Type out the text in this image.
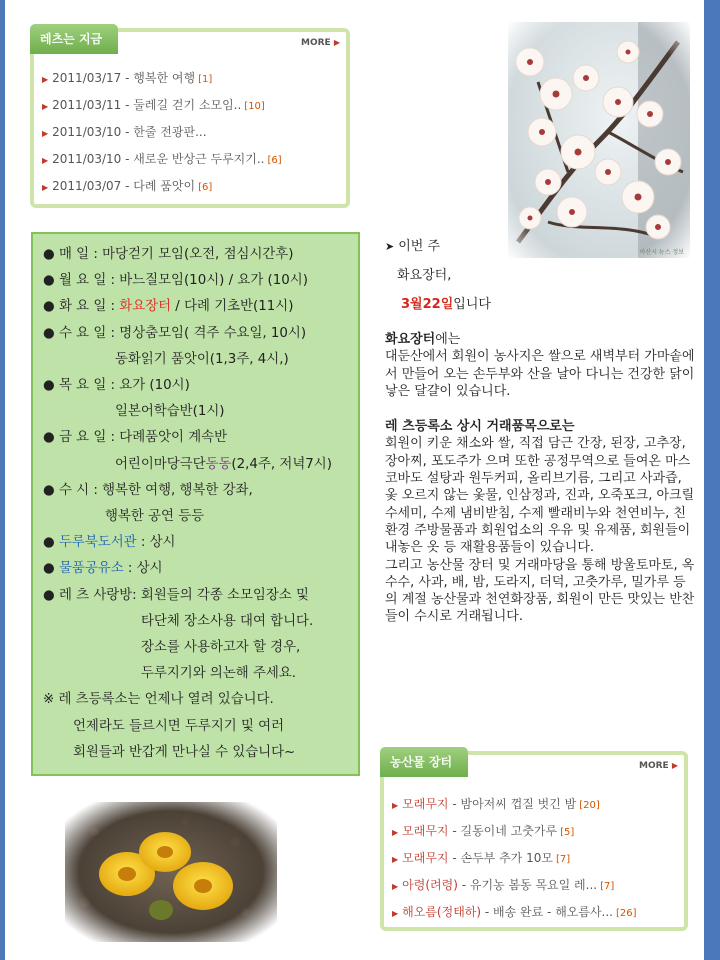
레츠는 지금	MORE ▶
▶ 2011/03/17 - 행복한 여행 [1]
▶ 2011/03/11 - 둘레길 걷기 소모임.. [10]
▶ 2011/03/10 - 한줄 전광판...
▶ 2011/03/10 - 새로운 반상근 두루지기.. [6]
▶ 2011/03/07 - 다례 품앗이 [6]
● 매 일 : 마당걷기 모임(오전, 점심시간후)
● 월 요 일 : 바느질모임(10시) / 요가 (10시)
● 화 요 일 : 화요장터 / 다례 기초반(11시)
● 수 요 일 : 명상춤모임( 격주 수요일, 10시)
동화읽기 품앗이(1,3주, 4시,)
● 목 요 일 : 요가 (10시)
일본어학습반(1시)
● 금 요 일 : 다례품앗이 계속반
어린이마당극단동동(2,4주, 저녁7시)
● 수 시 : 행복한 여행, 행복한 강좌,
행복한 공연 등등
● 두루북도서관 : 상시
● 물품공유소 : 상시
● 레 츠 사랑방: 회원들의 각종 소모임장소 및
타단체 장소사용 대여 합니다.
장소를 사용하고자 할 경우,
두루지기와 의논해 주세요.
※ 레 츠등록소는 언제나 열려 있습니다.
언제라도 들르시면 두루지기 및 여러
회원들과 반갑게 만나실 수 있습니다~
아산시 뉴스 정보
➤ 이번 주
화요장터,
3월22일입니다
화요장터에는
대둔산에서 회원이 농사지은 쌀으로 새벽부터 가마솥에서 만들어 오는 손두부와 산을 날아 다니는 건강한 닭이 낳은 달걀이 있습니다.
레 츠등록소 상시 거래품목으로는
회원이 키운 채소와 쌀, 직접 담근 간장, 된장, 고추장, 장아찌, 포도주가 으며 또한 공정무역으로 들여온 마스코바도 설탕과 원두커피, 올리브기름, 그리고 사과즙, 옻 오르지 않는 옻물, 인삼정과, 진과, 오죽포크, 아크릴수세미, 수제 냄비받침, 수제 빨래비누와 천연비누, 친환경 주방물품과 회원업소의 우유 및 유제품, 회원들이 내놓은 옷 등 재활용품들이 있습니다.
그리고 농산물 장터 및 거래마당을 통해 방울토마토, 옥수수, 사과, 배, 밤, 도라지, 더덕, 고춧가루, 밀가루 등의 계절 농산물과 천연화장품, 회원이 만든 맛있는 반찬들이 수시로 거래됩니다.
농산물 장터	MORE ▶
▶ 모래무지 - 밤아저씨 껍질 벗긴 밤 [20]
▶ 모래무지 - 길동이네 고춧가루 [5]
▶ 모래무지 - 손두부 추가 10모 [7]
▶ 아령(려령) - 유기농 봄동 목요일 레... [7]
▶ 해오름(정태하) - 배송 완료 - 해오름사... [26]
